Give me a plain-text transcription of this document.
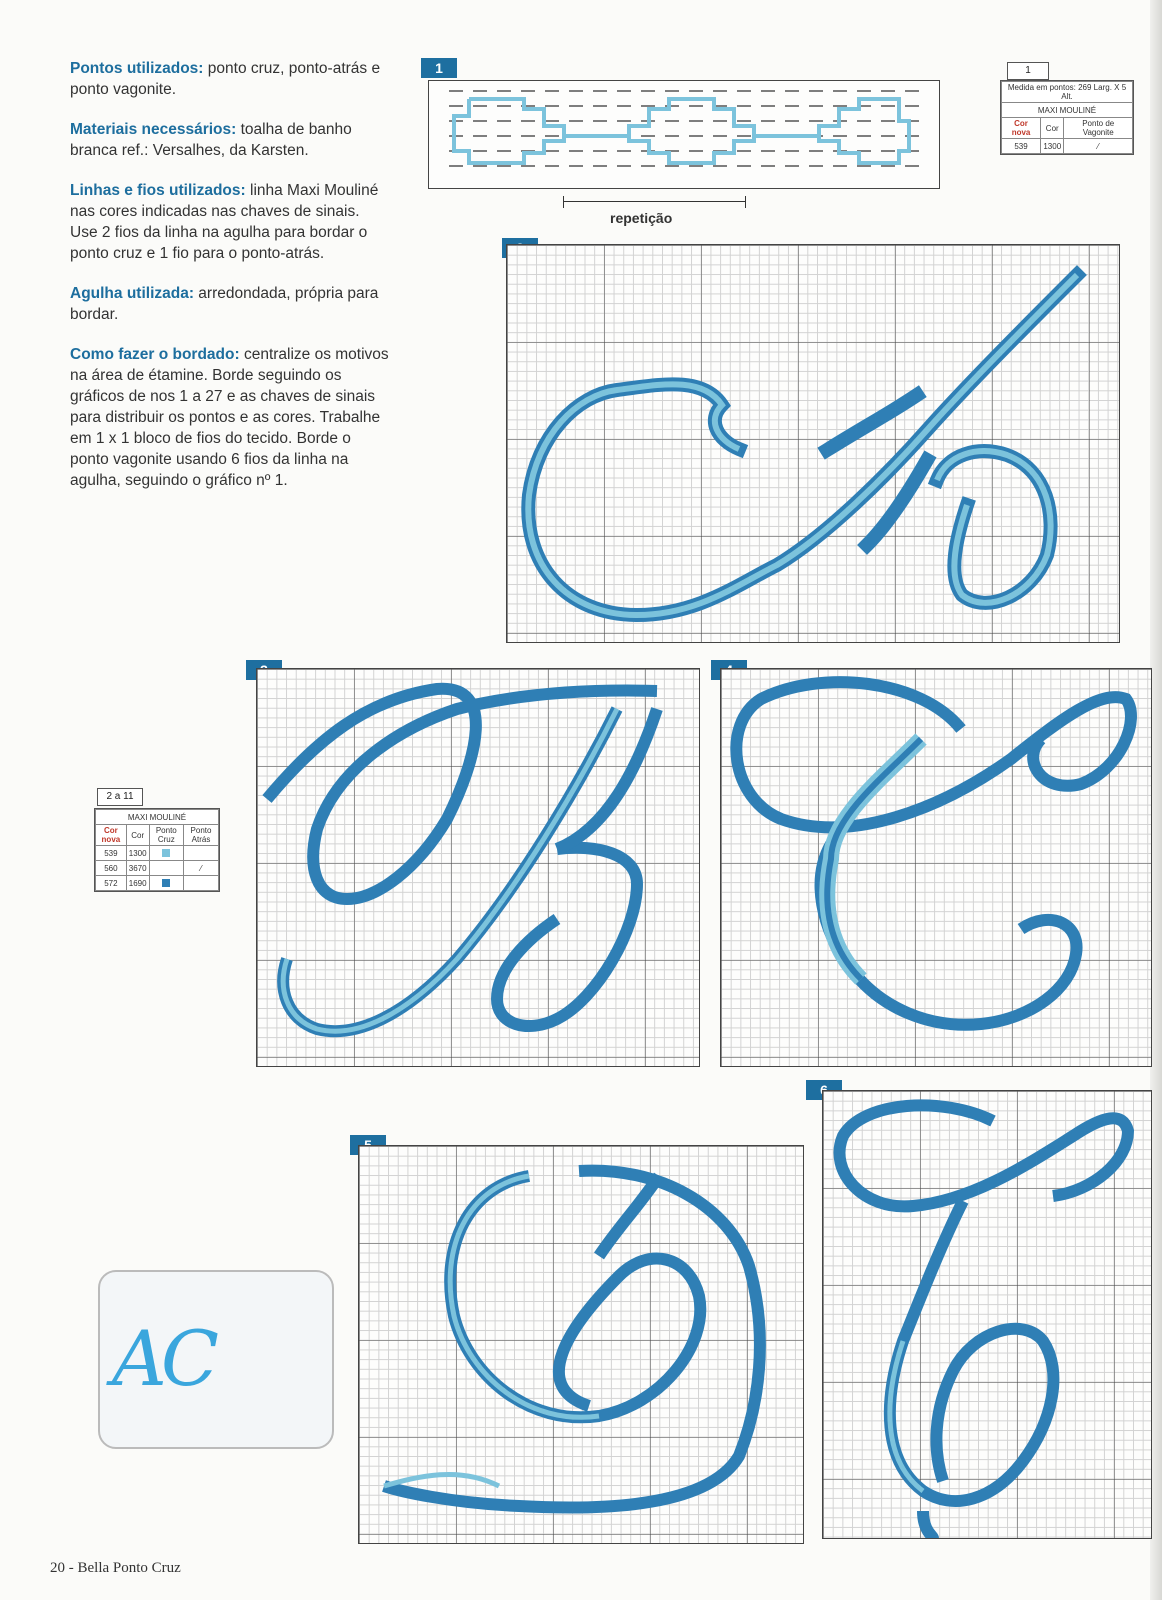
Pontos utilizados: ponto cruz, ponto-atrás e ponto vagonite.

Materiais necessários: toalha de banho branca ref.: Versalhes, da Karsten.

Linhas e fios utilizados: linha Maxi Mouliné nas cores indicadas nas chaves de sinais. Use 2 fios da linha na agulha para bordar o ponto cruz e 1 fio para o ponto-atrás.

Agulha utilizada: arredondada, própria para bordar.

Como fazer o bordado: centralize os motivos na área de étamine. Borde seguindo os gráficos de nos 1 a 27 e as chaves de sinais para distribuir os pontos e as cores. Trabalhe em 1 x 1 bloco de fios do tecido. Borde o ponto vagonite usando 6 fios da linha na agulha, seguindo o gráfico nº 1.

1
repetição
1
Medida em pontos: 269 Larg. X 5 Alt.		
MAXI MOULINÉ		
Cor nova	Cor	Ponto de Vagonite
539	1300	⁄
2 a 11
MAXI MOULINÉ			
Cor nova	Cor	Ponto Cruz	Ponto Atrás
539	1300		
560	3670		⁄
572	1690		
AC
20 - Bella Ponto Cruz
